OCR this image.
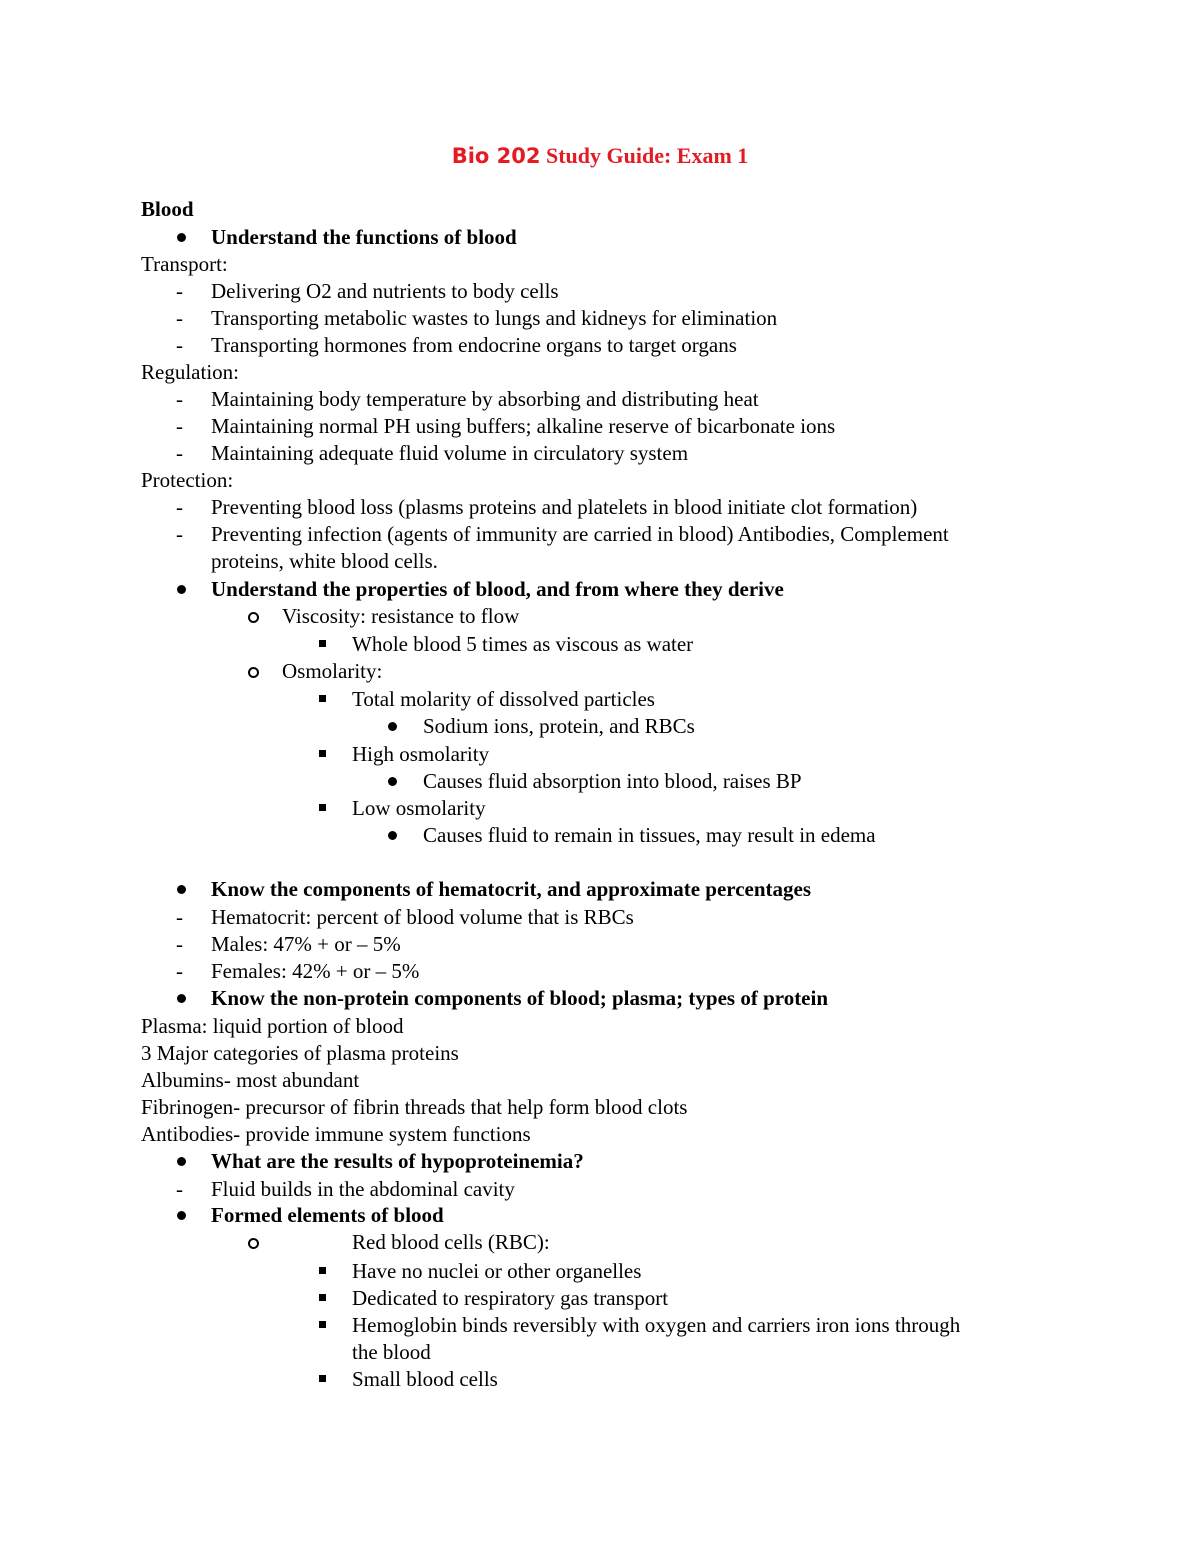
Bio 202 Study Guide: Exam 1
Blood
Understand the functions of blood
Transport:
- Delivering O2 and nutrients to body cells
- Transporting metabolic wastes to lungs and kidneys for elimination
- Transporting hormones from endocrine organs to target organs
Regulation:
- Maintaining body temperature by absorbing and distributing heat
- Maintaining normal PH using buffers; alkaline reserve of bicarbonate ions
- Maintaining adequate fluid volume in circulatory system
Protection:
- Preventing blood loss (plasms proteins and platelets in blood initiate clot formation)
- Preventing infection (agents of immunity are carried in blood) Antibodies, Complement
proteins, white blood cells.
Understand the properties of blood, and from where they derive
Viscosity: resistance to flow
Whole blood 5 times as viscous as water
Osmolarity:
Total molarity of dissolved particles
Sodium ions, protein, and RBCs
High osmolarity
Causes fluid absorption into blood, raises BP
Low osmolarity
Causes fluid to remain in tissues, may result in edema
Know the components of hematocrit, and approximate percentages
- Hematocrit: percent of blood volume that is RBCs
- Males: 47% + or – 5%
- Females: 42% + or – 5%
Know the non-protein components of blood; plasma; types of protein
Plasma: liquid portion of blood
3 Major categories of plasma proteins
Albumins- most abundant
Fibrinogen- precursor of fibrin threads that help form blood clots
Antibodies- provide immune system functions
What are the results of hypoproteinemia?
- Fluid builds in the abdominal cavity
Formed elements of blood
Red blood cells (RBC):
Have no nuclei or other organelles
Dedicated to respiratory gas transport
Hemoglobin binds reversibly with oxygen and carriers iron ions through
the blood
Small blood cells
